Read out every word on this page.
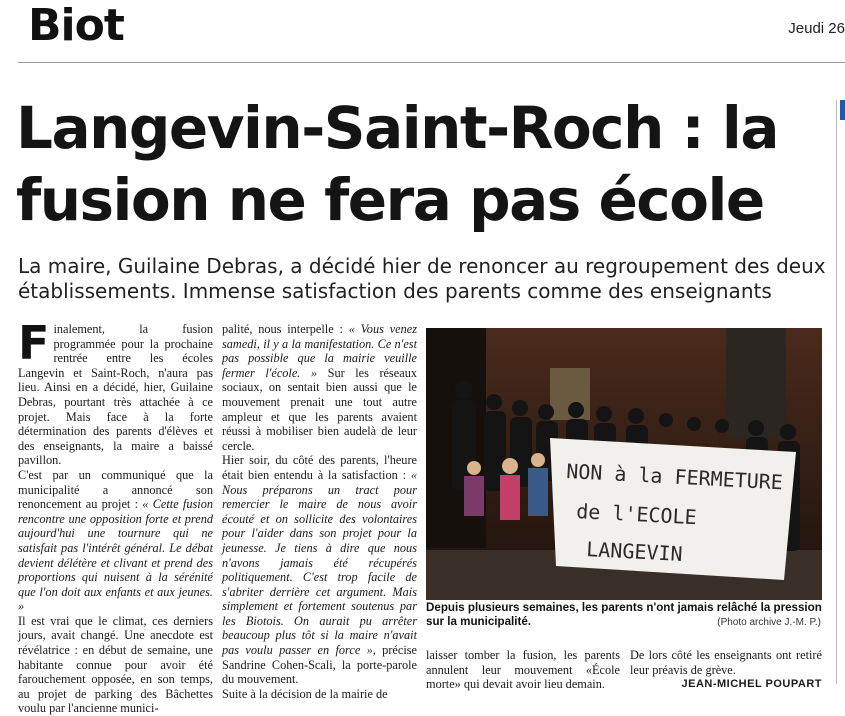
Biot	Jeudi 26
Langevin-Saint-Roch : la fusion ne fera pas école

La maire, Guilaine Debras, a décidé hier de renoncer au regroupement des deux établissements. Immense satisfaction des parents comme des enseignants

Finalement, la fusion programmée pour la prochaine rentrée entre les écoles Langevin et Saint-Roch, n'aura pas lieu. Ainsi en a décidé, hier, Guilaine Debras, pourtant très attachée à ce projet. Mais face à la forte détermination des parents d'élèves et des enseignants, la maire a baissé pavillon.

C'est par un communiqué que la municipalité a annoncé son renoncement au projet : « Cette fusion rencontre une opposition forte et prend aujourd'hui une tournure qui ne satisfait pas l'intérêt général. Le débat devient délétère et clivant et prend des proportions qui nuisent à la sérénité que l'on doit aux enfants et aux jeunes. »

Il est vrai que le climat, ces derniers jours, avait changé. Une anecdote est révélatrice : en début de semaine, une habitante connue pour avoir été farouchement opposée, en son temps, au projet de parking des Bâchettes voulu par l'ancienne munici-

palité, nous interpelle : « Vous venez samedi, il y a la manifestation. Ce n'est pas possible que la mairie veuille fermer l'école. » Sur les réseaux sociaux, on sentait bien aussi que le mouvement prenait une tout autre ampleur et que les parents avaient réussi à mobiliser bien audelà de leur cercle.

Hier soir, du côté des parents, l'heure était bien entendu à la satisfaction : « Nous préparons un tract pour remercier le maire de nous avoir écouté et on sollicite des volontaires pour l'aider dans son projet pour la jeunesse. Je tiens à dire que nous n'avons jamais été récupérés politiquement. C'est trop facile de s'abriter derrière cet argument. Mais simplement et fortement soutenus par les Biotois. On aurait pu arrêter beaucoup plus tôt si la maire n'avait pas voulu passer en force », précise Sandrine Cohen-Scali, la porte-parole du mouvement.

Suite à la décision de la mairie de

NON à la FERMETURE
de l'ECOLE
LANGEVIN
Depuis plusieurs semaines, les parents n'ont jamais relâché la pression sur la municipalité.	(Photo archive J.-M. P.)

laisser tomber la fusion, les parents annulent leur mouvement «École morte» qui devait avoir lieu demain.

De lors côté les enseignants ont retiré leur préavis de grève.

JEAN-MICHEL POUPART
